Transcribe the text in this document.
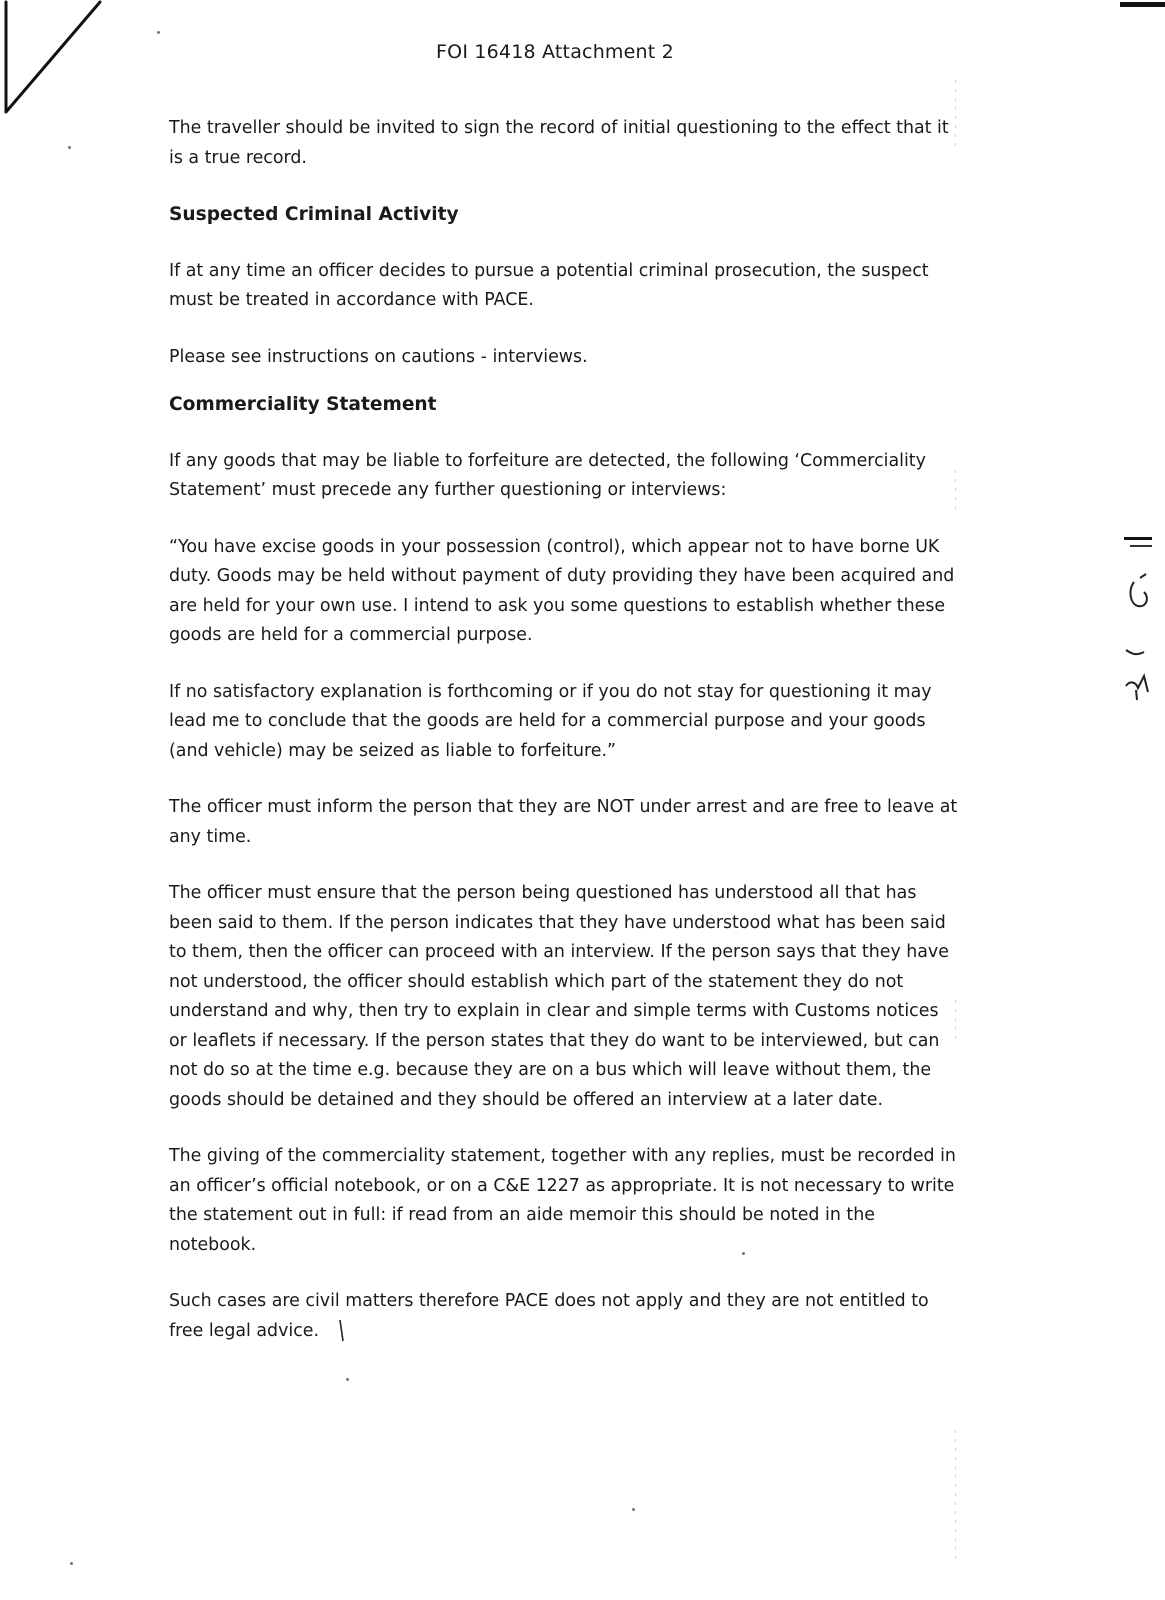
FOI 16418 Attachment 2

The traveller should be invited to sign the record of initial questioning to the effect that it is a true record.

Suspected Criminal Activity

If at any time an officer decides to pursue a potential criminal prosecution, the suspect must be treated in accordance with PACE.

Please see instructions on cautions - interviews.

Commerciality Statement

If any goods that may be liable to forfeiture are detected, the following ‘Commerciality Statement’ must precede any further questioning or interviews:

“You have excise goods in your possession (control), which appear not to have borne UK duty. Goods may be held without payment of duty providing they have been acquired and are held for your own use. I intend to ask you some questions to establish whether these goods are held for a commercial purpose.

If no satisfactory explanation is forthcoming or if you do not stay for questioning it may lead me to conclude that the goods are held for a commercial purpose and your goods (and vehicle) may be seized as liable to forfeiture.”

The officer must inform the person that they are NOT under arrest and are free to leave at any time.

The officer must ensure that the person being questioned has understood all that has been said to them. If the person indicates that they have understood what has been said to them, then the officer can proceed with an interview. If the person says that they have not understood, the officer should establish which part of the statement they do not understand and why, then try to explain in clear and simple terms with Customs notices or leaflets if necessary. If the person states that they do want to be interviewed, but can not do so at the time e.g. because they are on a bus which will leave without them, the goods should be detained and they should be offered an interview at a later date.

The giving of the commerciality statement, together with any replies, must be recorded in an officer’s official notebook, or on a C&E 1227 as appropriate. It is not necessary to write the statement out in full: if read from an aide memoir this should be noted in the notebook.

Such cases are civil matters therefore PACE does not apply and they are not entitled to free legal advice.
